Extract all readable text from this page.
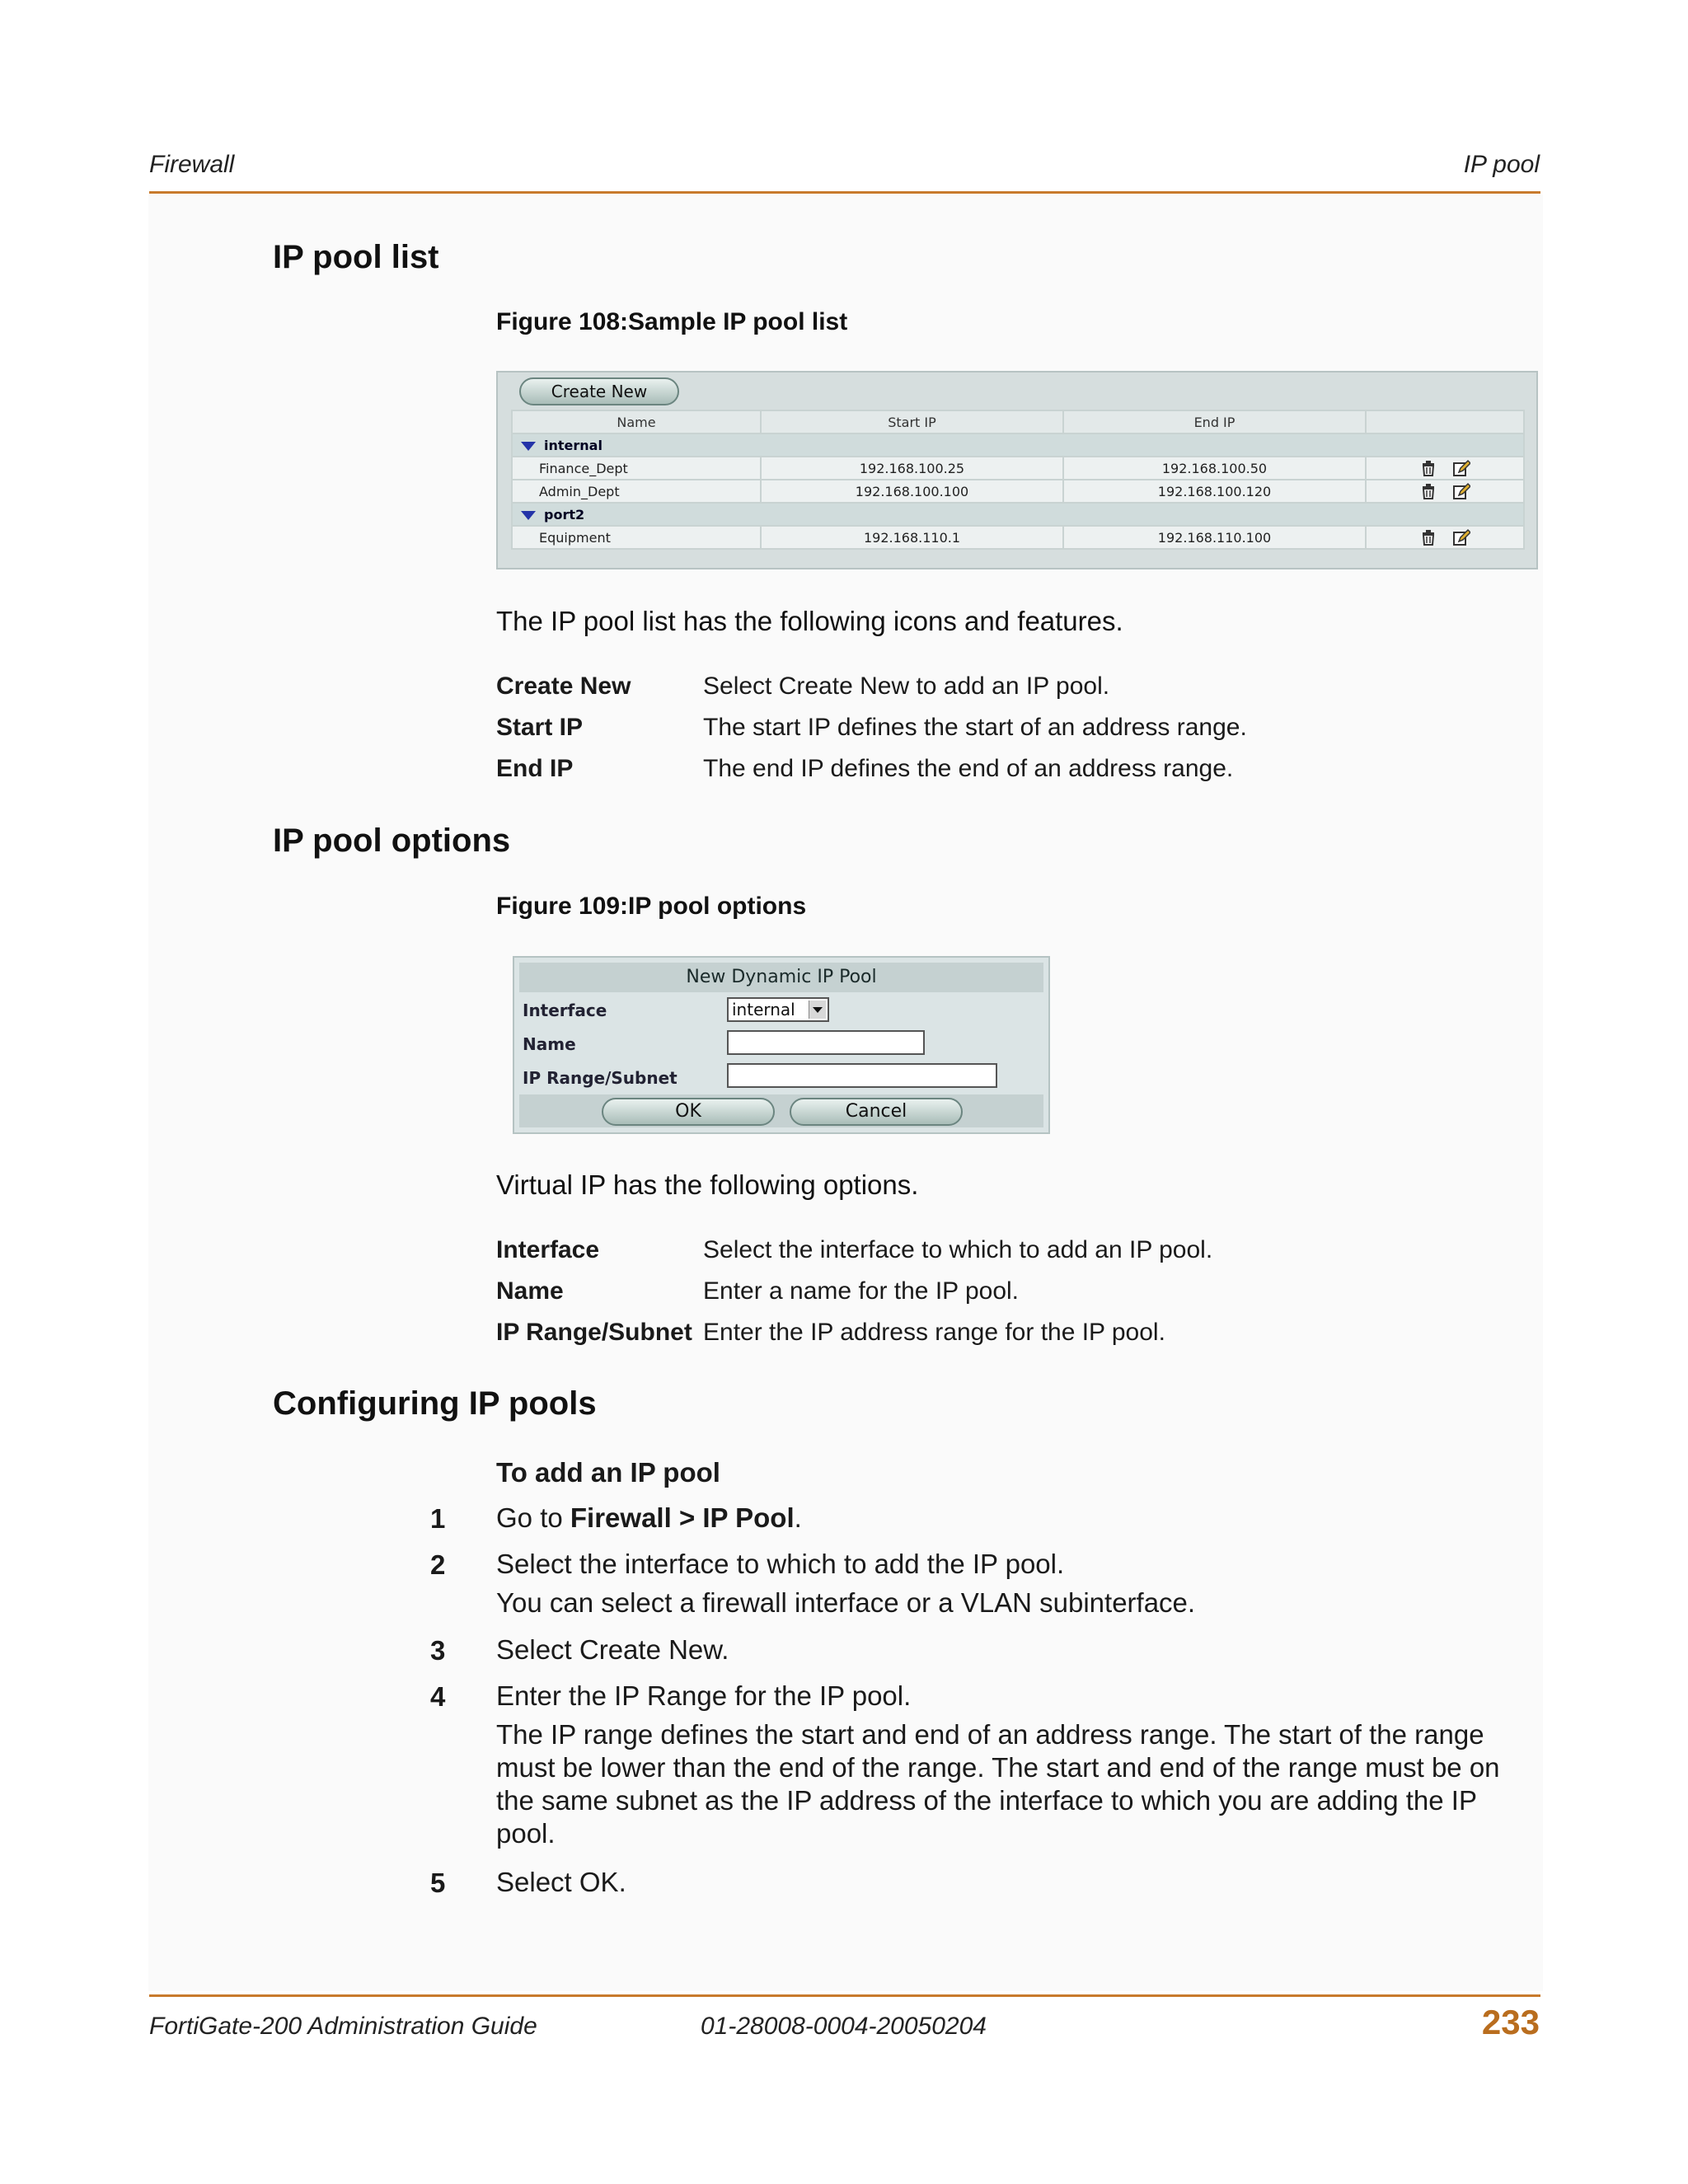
Firewall	IP pool
IP pool list
Figure 108:Sample IP pool list
Create New
Name	Start IP	End IP	
internal			
Finance_Dept	192.168.100.25	192.168.100.50	
Admin_Dept	192.168.100.100	192.168.100.120	
port2			
Equipment	192.168.110.1	192.168.110.100	
The IP pool list has the following icons and features.
Create New	Select Create New to add an IP pool.
Start IP	The start IP defines the start of an address range.
End IP	The end IP defines the end of an address range.
IP pool options
Figure 109:IP pool options
New Dynamic IP Pool
Interface	internal
Name
IP Range/Subnet
OK	Cancel
Virtual IP has the following options.
Interface	Select the interface to which to add an IP pool.
Name	Enter a name for the IP pool.
IP Range/Subnet Enter the IP address range for the IP pool.
Configuring IP pools
To add an IP pool
1 Go to Firewall > IP Pool.
2 Select the interface to which to add the IP pool.
You can select a firewall interface or a VLAN subinterface.
3 Select Create New.
4 Enter the IP Range for the IP pool.
The IP range defines the start and end of an address range. The start of the range must be lower than the end of the range. The start and end of the range must be on the same subnet as the IP address of the interface to which you are adding the IP pool.
5 Select OK.
FortiGate-200 Administration Guide	01-28008-0004-20050204	233
